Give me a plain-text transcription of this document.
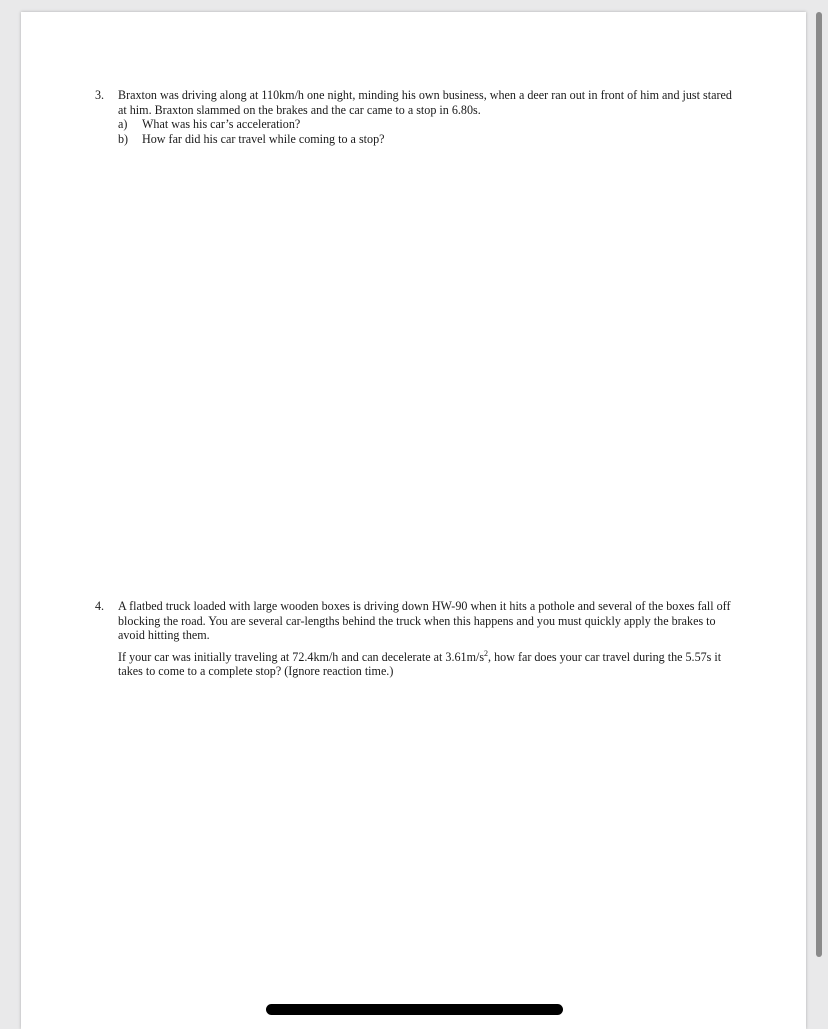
3. Braxton was driving along at 110km/h one night, minding his own business, when a deer ran out in front of him and just stared at him. Braxton slammed on the brakes and the car came to a stop in 6.80s.
a)	What was his car’s acceleration?
b)	How far did his car travel while coming to a stop?
4. A flatbed truck loaded with large wooden boxes is driving down HW-90 when it hits a pothole and several of the boxes fall off blocking the road. You are several car-lengths behind the truck when this happens and you must quickly apply the brakes to avoid hitting them.
If your car was initially traveling at 72.4km/h and can decelerate at $3.61m/s^2$, how far does your car travel during the 5.57s it takes to come to a complete stop? (Ignore reaction time.)
